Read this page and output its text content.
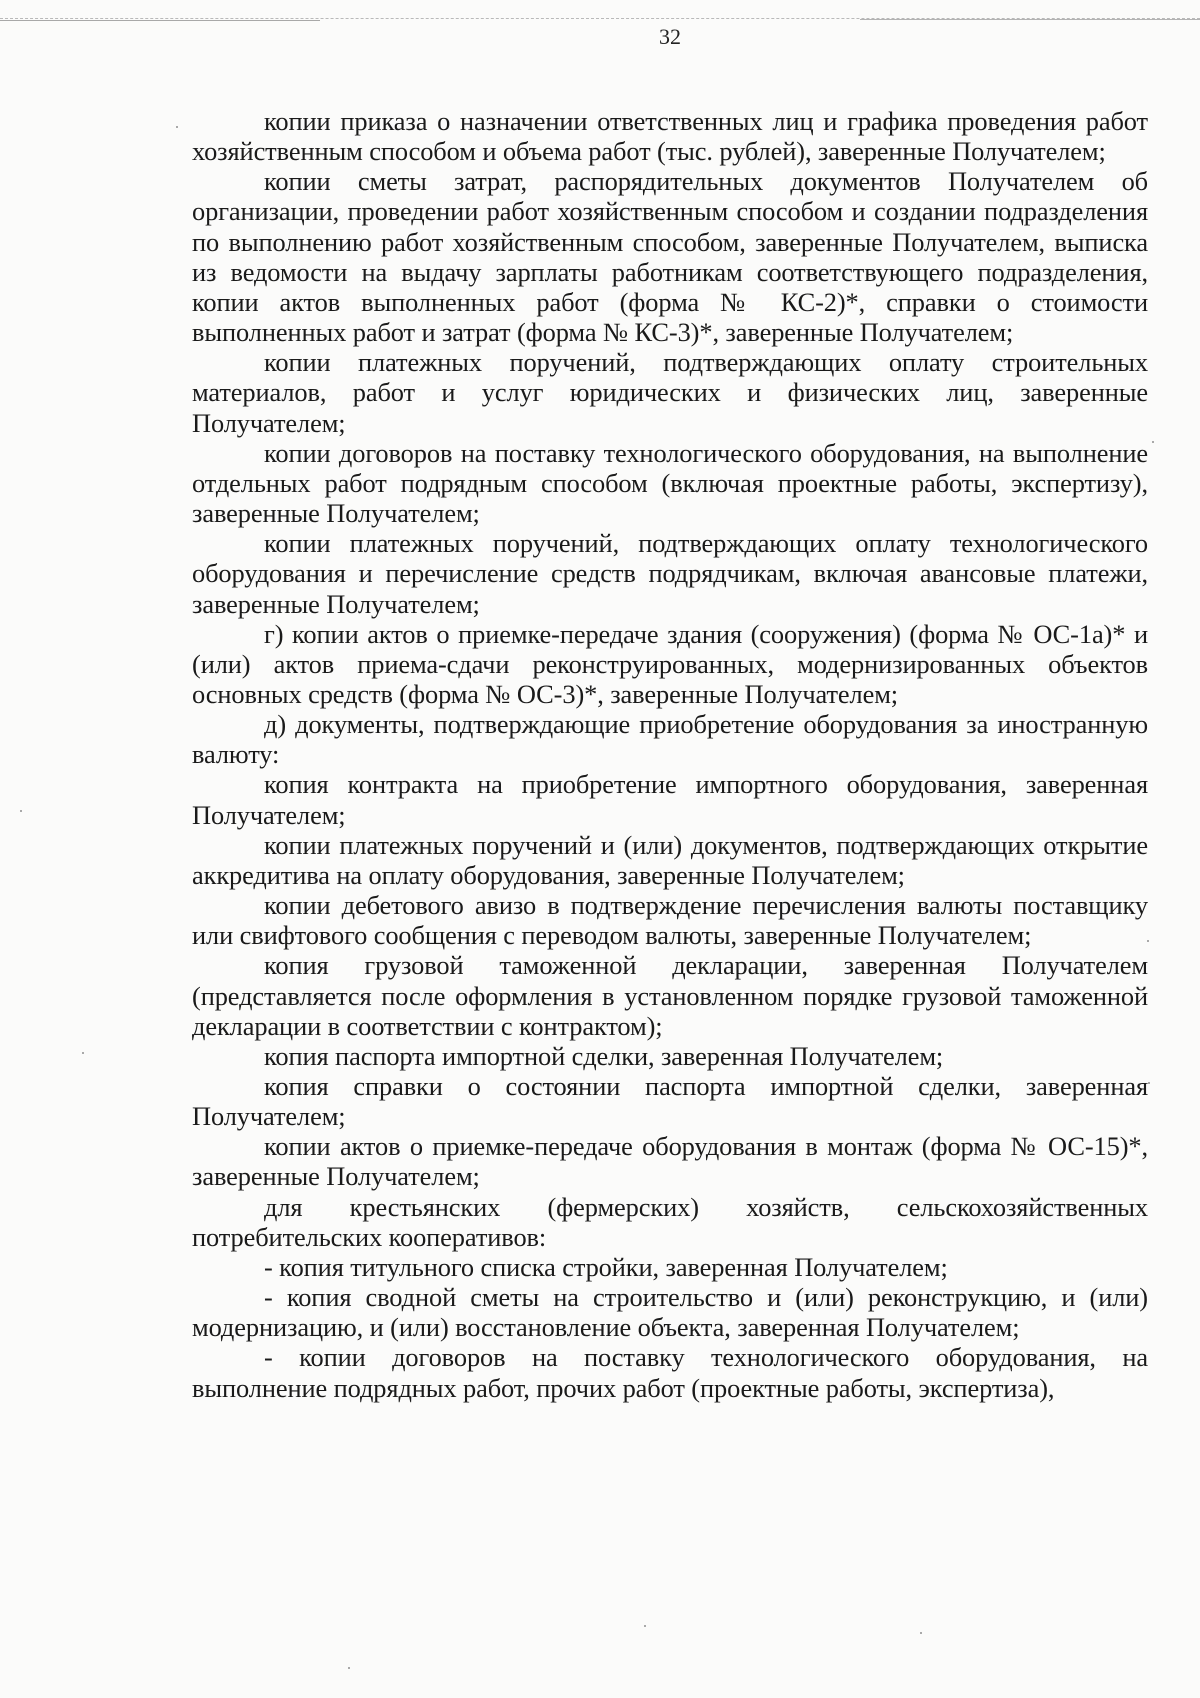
32

копии приказа о назначении ответственных лиц и графика проведения работ хозяйственным способом и объема работ (тыс. рублей), заверенные Получателем;

копии сметы затрат, распорядительных документов Получателем об организации, проведении работ хозяйственным способом и создании подразделения по выполнению работ хозяйственным способом, заверенные Получателем, выписка из ведомости на выдачу зарплаты работникам соответствующего подразделения, копии актов выполненных работ (форма № КС-2)*, справки о стоимости выполненных работ и затрат (форма № КС-3)*, заверенные Получателем;

копии платежных поручений, подтверждающих оплату строительных материалов, работ и услуг юридических и физических лиц, заверенные Получателем;

копии договоров на поставку технологического оборудования, на выполнение отдельных работ подрядным способом (включая проектные работы, экспертизу), заверенные Получателем;

копии платежных поручений, подтверждающих оплату технологического оборудования и перечисление средств подрядчикам, включая авансовые платежи, заверенные Получателем;

г) копии актов о приемке-передаче здания (сооружения) (форма № ОС-1а)* и (или) актов приема-сдачи реконструированных, модернизированных объектов основных средств (форма № ОС-3)*, заверенные Получателем;

д) документы, подтверждающие приобретение оборудования за иностранную валюту:

копия контракта на приобретение импортного оборудования, заверенная Получателем;

копии платежных поручений и (или) документов, подтверждающих открытие аккредитива на оплату оборудования, заверенные Получателем;

копии дебетового авизо в подтверждение перечисления валюты поставщику или свифтового сообщения с переводом валюты, заверенные Получателем;

копия грузовой таможенной декларации, заверенная Получателем (представляется после оформления в установленном порядке грузовой таможенной декларации в соответствии с контрактом);

копия паспорта импортной сделки, заверенная Получателем;

копия справки о состоянии паспорта импортной сделки, заверенная Получателем;

копии актов о приемке-передаче оборудования в монтаж (форма № ОС-15)*, заверенные Получателем;

для крестьянских (фермерских) хозяйств, сельскохозяйственных потребительских кооперативов:

- копия титульного списка стройки, заверенная Получателем;

- копия сводной сметы на строительство и (или) реконструкцию, и (или) модернизацию, и (или) восстановление объекта, заверенная Получателем;

- копии договоров на поставку технологического оборудования, на выполнение подрядных работ, прочих работ (проектные работы, экспертиза),
